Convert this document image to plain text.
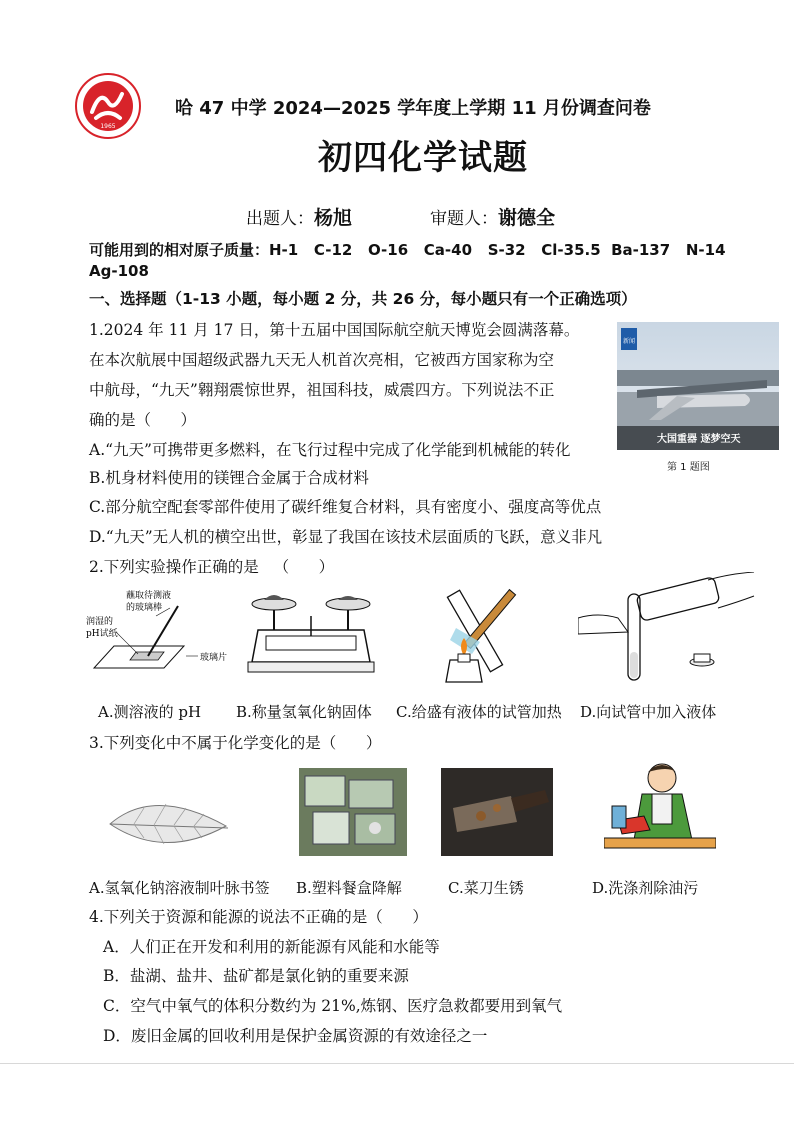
1965
哈 47 中学 2024—2025 学年度上学期 11 月份调查问卷
初四化学试题
出题人：杨旭	审题人：谢德全
可能用到的相对原子质量：H-1   C-12   O-16   Ca-40   S-32   Cl-35.5  Ba-137   N-14
Ag-108
一、选择题（1-13 小题，每小题 2 分，共 26 分，每小题只有一个正确选项）
1.2024 年 11 月 17 日，第十五届中国国际航空航天博览会圆满落幕。
在本次航展中国超级武器九天无人机首次亮相，它被西方国家称为空
中航母，“九天”翱翔震惊世界，祖国科技，威震四方。下列说法不正
确的是（      ）
新闻
大国重器 逐梦空天
第 1 题图
A.“九天”可携带更多燃料，在飞行过程中完成了化学能到机械能的转化
B.机身材料使用的镁锂合金属于合成材料
C.部分航空配套零部件使用了碳纤维复合材料，具有密度小、强度高等优点
D.“九天”无人机的横空出世，彰显了我国在该技术层面质的飞跃，意义非凡
2.下列实验操作正确的是   （      ）
蘸取待测液
的玻璃棒
润湿的
pH试纸
玻璃片
A.测溶液的 pH B.称量氢氧化钠固体 C.给盛有液体的试管加热 D.向试管中加入液体
3.下列变化中不属于化学变化的是（      ）
A.氢氧化钠溶液制叶脉书签 B.塑料餐盒降解	C.菜刀生锈	D.洗涤剂除油污
4.下列关于资源和能源的说法不正确的是（      ）
A．人们正在开发和利用的新能源有风能和水能等
B．盐湖、盐井、盐矿都是氯化钠的重要来源
C．空气中氧气的体积分数约为 21%,炼钢、医疗急救都要用到氧气
D．废旧金属的回收利用是保护金属资源的有效途径之一
